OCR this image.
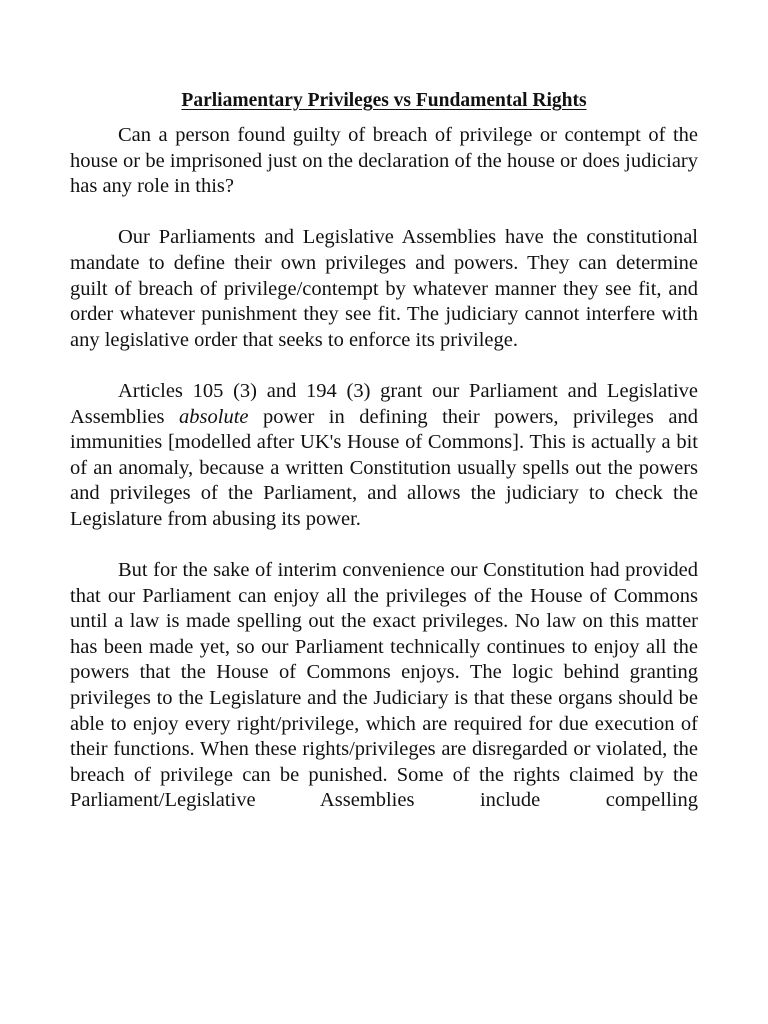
Parliamentary Privileges vs Fundamental Rights

Can a person found guilty of breach of privilege or contempt of the house or be imprisoned just on the declaration of the house or does judiciary has any role in this?

Our Parliaments and Legislative Assemblies have the constitutional mandate to define their own privileges and powers. They can determine guilt of breach of privilege/contempt by whatever manner they see fit, and order whatever punishment they see fit. The judiciary cannot interfere with any legislative order that seeks to enforce its privilege.

Articles 105 (3) and 194 (3) grant our Parliament and Legislative Assemblies absolute power in defining their powers, privileges and immunities [modelled after UK's House of Commons]. This is actually a bit of an anomaly, because a written Constitution usually spells out the powers and privileges of the Parliament, and allows the judiciary to check the Legislature from abusing its power.

But for the sake of interim convenience our Constitution had provided that our Parliament can enjoy all the privileges of the House of Commons until a law is made spelling out the exact privileges. No law on this matter has been made yet, so our Parliament technically continues to enjoy all the powers that the House of Commons enjoys. The logic behind granting privileges to the Legislature and the Judiciary is that these organs should be able to enjoy every right/privilege, which are required for due execution of their functions. When these rights/privileges are disregarded or violated, the breach of privilege can be punished. Some of the rights claimed by the Parliament/Legislative Assemblies include compelling
